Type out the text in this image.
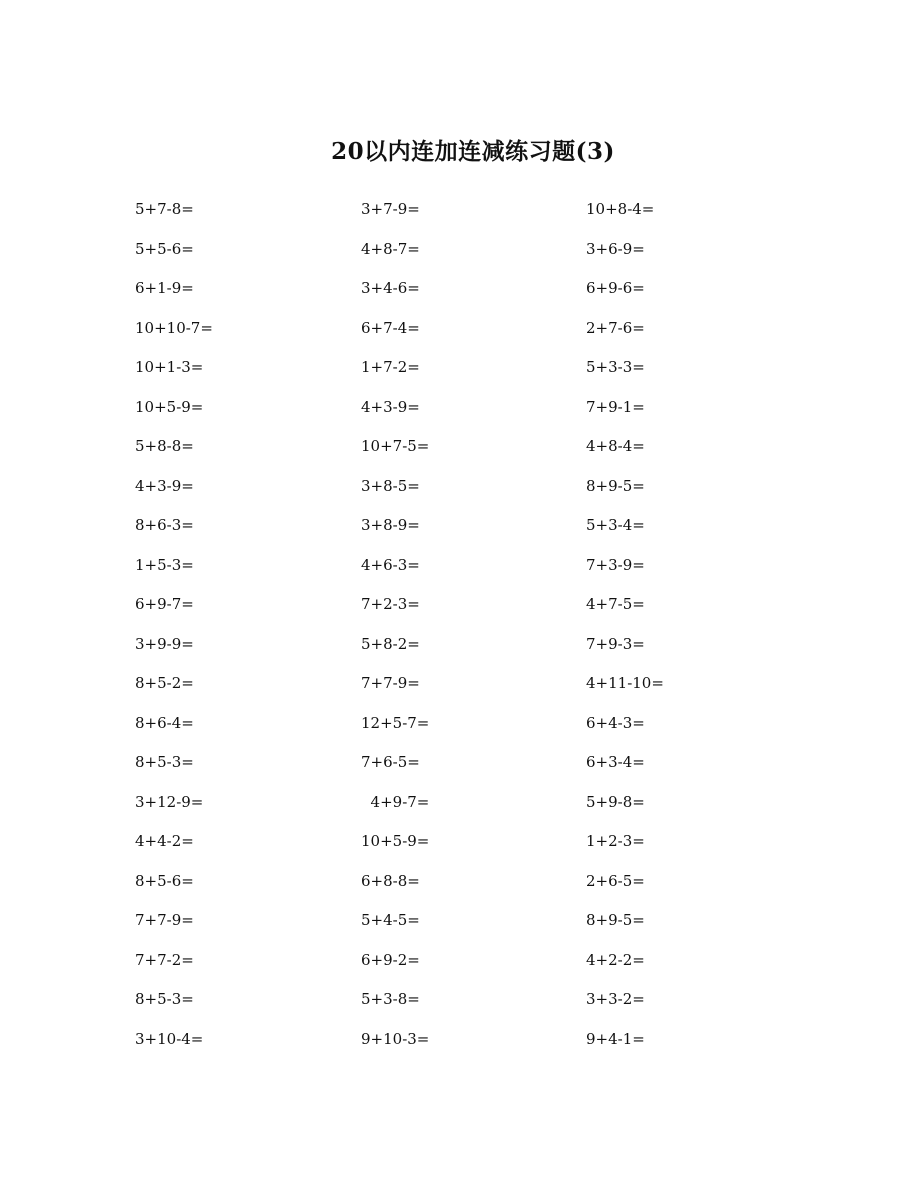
20以内连加连减练习题(3)
5+7-8=	3+7-9=	10+8-4=
5+5-6=	4+8-7=	3+6-9=
6+1-9=	3+4-6=	6+9-6=
10+10-7=	6+7-4=	2+7-6=
10+1-3=	1+7-2=	5+3-3=
10+5-9=	4+3-9=	7+9-1=
5+8-8=	10+7-5=	4+8-4=
4+3-9=	3+8-5=	8+9-5=
8+6-3=	3+8-9=	5+3-4=
1+5-3=	4+6-3=	7+3-9=
6+9-7=	7+2-3=	4+7-5=
3+9-9=	5+8-2=	7+9-3=
8+5-2=	7+7-9=	4+11-10=
8+6-4=	12+5-7=	6+4-3=
8+5-3=	7+6-5=	6+3-4=
3+12-9=	4+9-7=	5+9-8=
4+4-2=	10+5-9=	1+2-3=
8+5-6=	6+8-8=	2+6-5=
7+7-9=	5+4-5=	8+9-5=
7+7-2=	6+9-2=	4+2-2=
8+5-3=	5+3-8=	3+3-2=
3+10-4=	9+10-3=	9+4-1=
